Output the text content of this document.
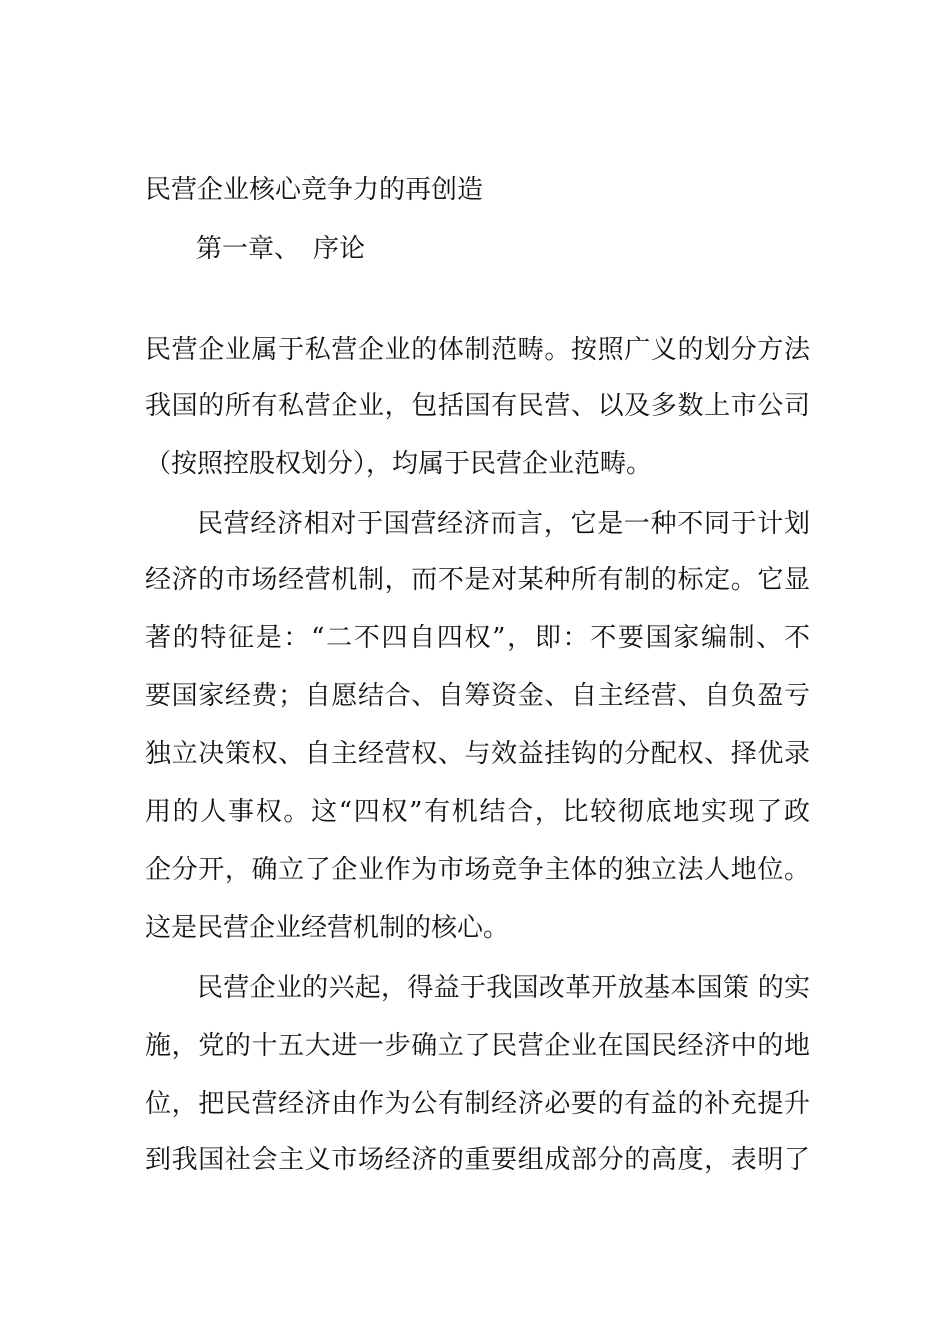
民营企业核心竞争力的再创造
第一章、　序论
民营企业属于私营企业的体制范畴。按照广义的划分方法
我国的所有私营企业，包括国有民营、以及多数上市公司
（按照控股权划分），均属于民营企业范畴。
民营经济相对于国营经济而言，它是一种不同于计划
经济的市场经营机制，而不是对某种所有制的标定。它显
著的特征是：“二不四自四权”，即：不要国家编制、不
要国家经费；自愿结合、自筹资金、自主经营、自负盈亏
独立决策权、自主经营权、与效益挂钩的分配权、择优录
用的人事权。这“四权”有机结合，比较彻底地实现了政
企分开，确立了企业作为市场竞争主体的独立法人地位。
这是民营企业经营机制的核心。
民营企业的兴起，得益于我国改革开放基本国策 的实
施，党的十五大进一步确立了民营企业在国民经济中的地
位，把民营经济由作为公有制经济必要的有益的补充提升
到我国社会主义市场经济的重要组成部分的高度，表明了
